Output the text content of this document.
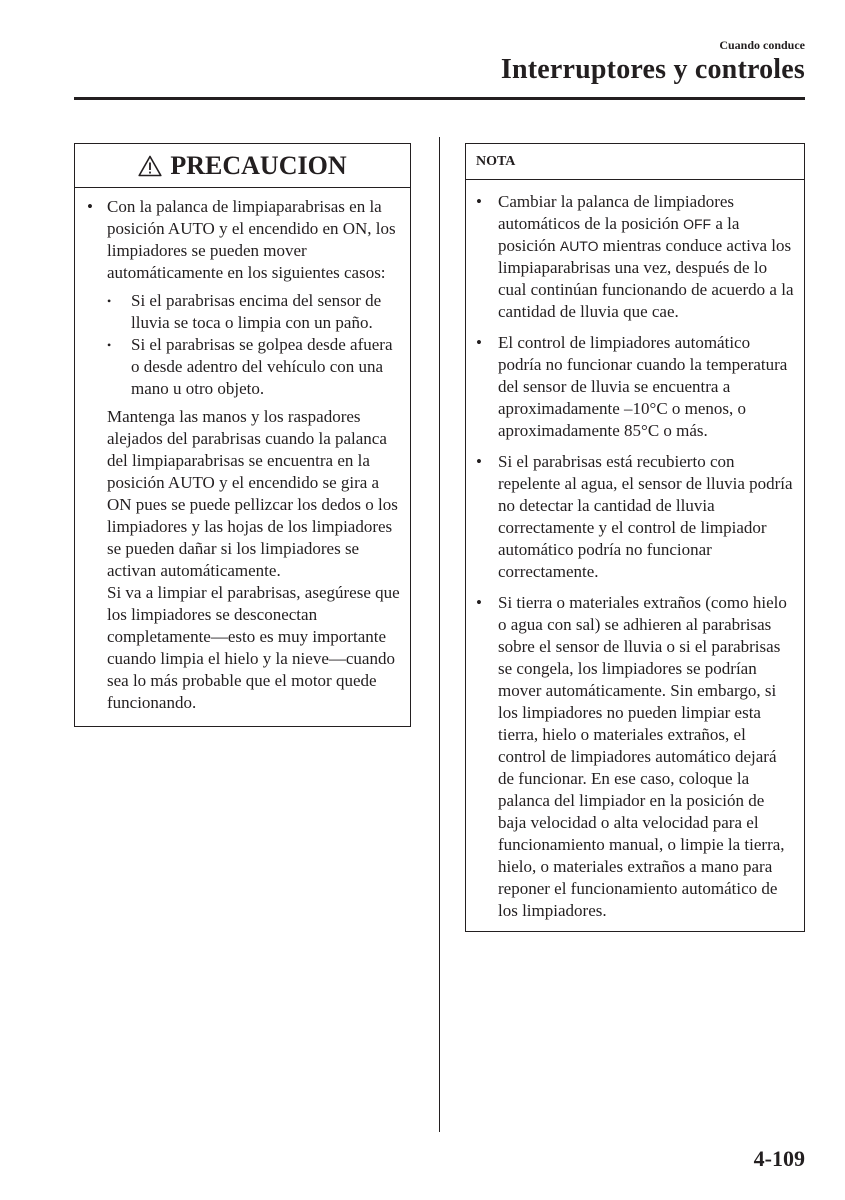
Cuando conduce
Interruptores y controles
PRECAUCION
• Con la palanca de limpiaparabrisas en la posición AUTO y el encendido en ON, los limpiadores se pueden mover automáticamente en los siguientes casos:
•	Si el parabrisas encima del sensor de lluvia se toca o limpia con un paño.
•	Si el parabrisas se golpea desde afuera o desde adentro del vehículo con una mano u otro objeto.
Mantenga las manos y los raspadores alejados del parabrisas cuando la palanca del limpiaparabrisas se encuentra en la posición AUTO y el encendido se gira a ON pues se puede pellizcar los dedos o los limpiadores y las hojas de los limpiadores se pueden dañar si los limpiadores se activan automáticamente.
Si va a limpiar el parabrisas, asegúrese que los limpiadores se desconectan completamente―esto es muy importante cuando limpia el hielo y la nieve―cuando sea lo más probable que el motor quede funcionando.
NOTA
• Cambiar la palanca de limpiadores automáticos de la posición OFF a la posición AUTO mientras conduce activa los limpiaparabrisas una vez, después de lo cual continúan funcionando de acuerdo a la cantidad de lluvia que cae.
• El control de limpiadores automático podría no funcionar cuando la temperatura del sensor de lluvia se encuentra a aproximadamente –10°C o menos, o aproximadamente 85°C o más.
• Si el parabrisas está recubierto con repelente al agua, el sensor de lluvia podría no detectar la cantidad de lluvia correctamente y el control de limpiador automático podría no funcionar correctamente.
• Si tierra o materiales extraños (como hielo o agua con sal) se adhieren al parabrisas sobre el sensor de lluvia o si el parabrisas se congela, los limpiadores se podrían mover automáticamente. Sin embargo, si los limpiadores no pueden limpiar esta tierra, hielo o materiales extraños, el control de limpiadores automático dejará de funcionar. En ese caso, coloque la palanca del limpiador en la posición de baja velocidad o alta velocidad para el funcionamiento manual, o limpie la tierra, hielo, o materiales extraños a mano para reponer el funcionamiento automático de los limpiadores.
4-109
